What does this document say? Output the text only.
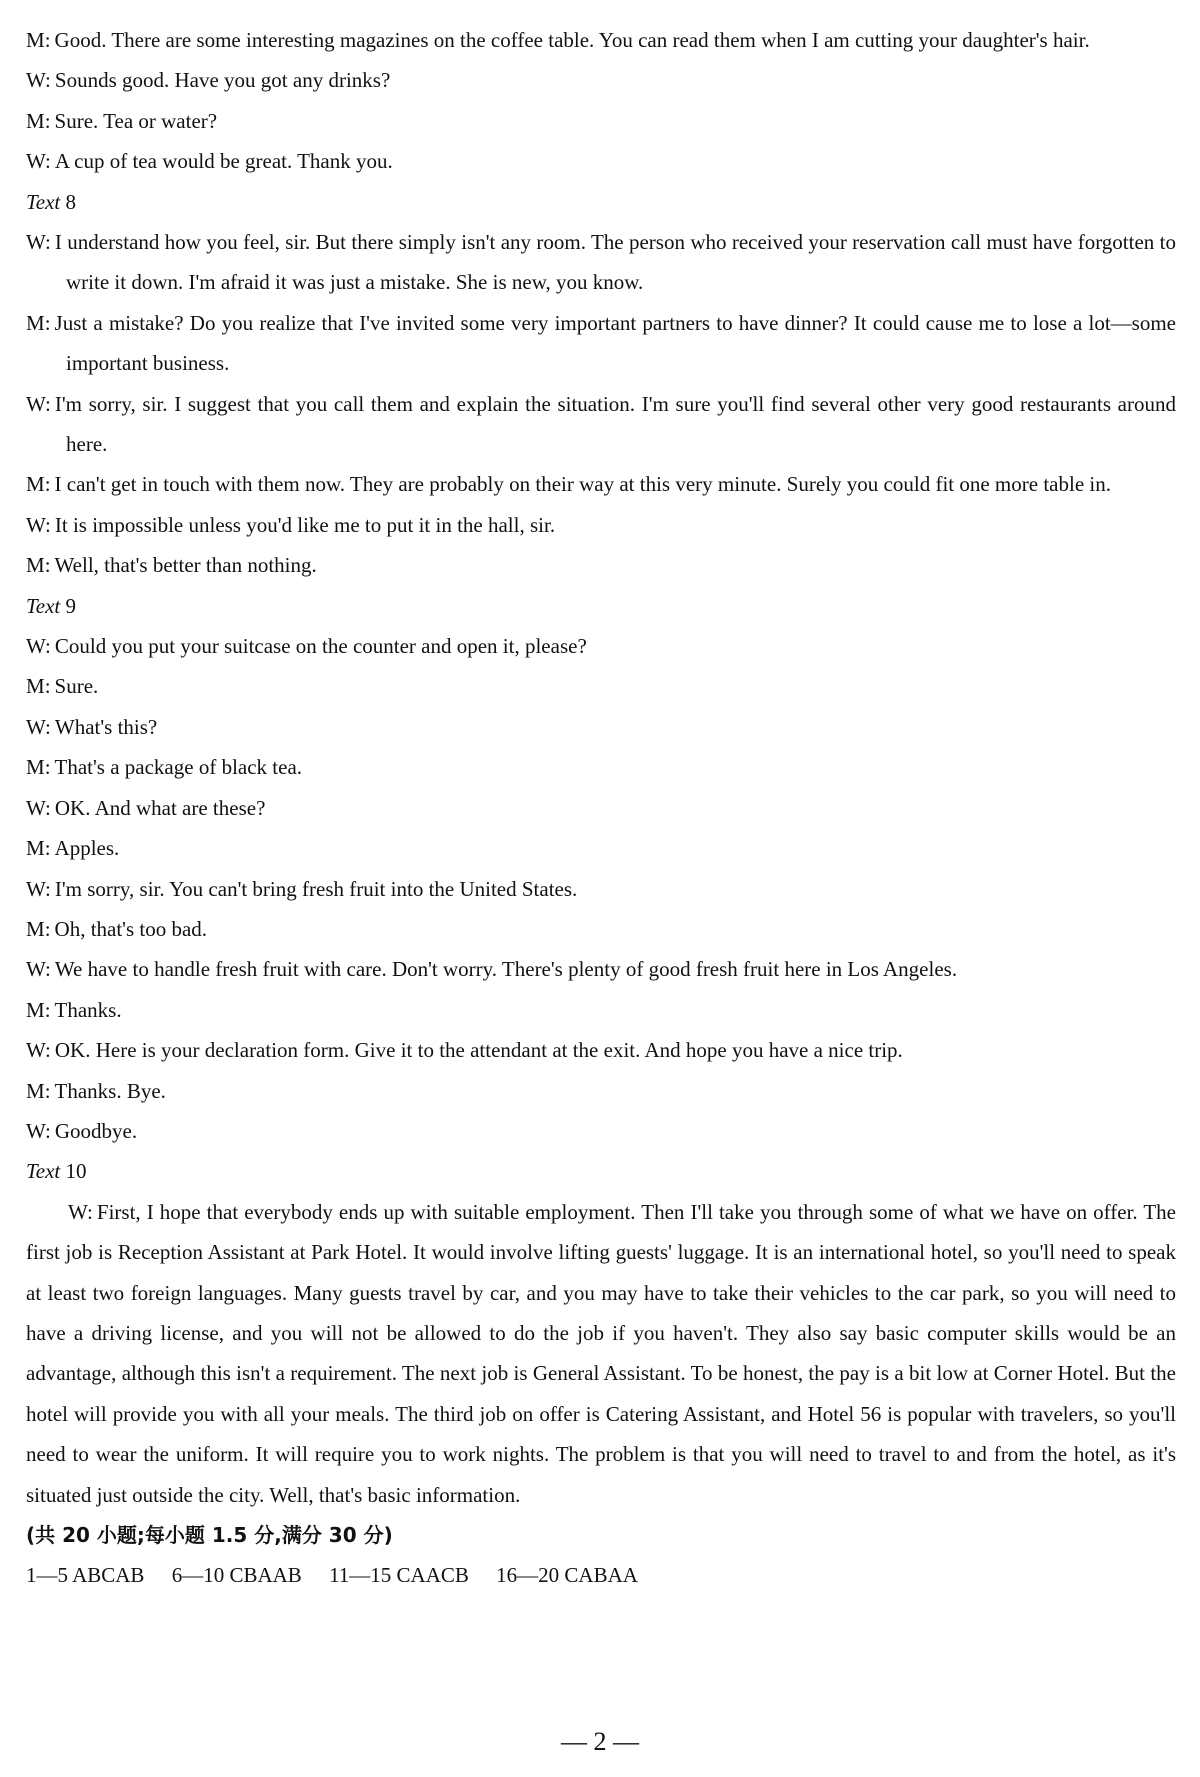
M: Good. There are some interesting magazines on the coffee table. You can read them when I am cutting your daughter's hair.
W: Sounds good. Have you got any drinks?
M: Sure. Tea or water?
W: A cup of tea would be great. Thank you.
Text 8
W: I understand how you feel, sir. But there simply isn't any room. The person who received your reservation call must have forgotten to write it down. I'm afraid it was just a mistake. She is new, you know.
M: Just a mistake? Do you realize that I've invited some very important partners to have dinner? It could cause me to lose a lot—some important business.
W: I'm sorry, sir. I suggest that you call them and explain the situation. I'm sure you'll find several other very good restaurants around here.
M: I can't get in touch with them now. They are probably on their way at this very minute. Surely you could fit one more table in.
W: It is impossible unless you'd like me to put it in the hall, sir.
M: Well, that's better than nothing.
Text 9
W: Could you put your suitcase on the counter and open it, please?
M: Sure.
W: What's this?
M: That's a package of black tea.
W: OK. And what are these?
M: Apples.
W: I'm sorry, sir. You can't bring fresh fruit into the United States.
M: Oh, that's too bad.
W: We have to handle fresh fruit with care. Don't worry. There's plenty of good fresh fruit here in Los Angeles.
M: Thanks.
W: OK. Here is your declaration form. Give it to the attendant at the exit. And hope you have a nice trip.
M: Thanks. Bye.
W: Goodbye.
Text 10
W: First, I hope that everybody ends up with suitable employment. Then I'll take you through some of what we have on offer. The first job is Reception Assistant at Park Hotel. It would involve lifting guests' luggage. It is an international hotel, so you'll need to speak at least two foreign languages. Many guests travel by car, and you may have to take their vehicles to the car park, so you will need to have a driving license, and you will not be allowed to do the job if you haven't. They also say basic computer skills would be an advantage, although this isn't a requirement. The next job is General Assistant. To be honest, the pay is a bit low at Corner Hotel. But the hotel will provide you with all your meals. The third job on offer is Catering Assistant, and Hotel 56 is popular with travelers, so you'll need to wear the uniform. It will require you to work nights. The problem is that you will need to travel to and from the hotel, as it's situated just outside the city. Well, that's basic information.
(共 20 小题;每小题 1.5 分,满分 30 分)
1—5 ABCAB 6—10 CBAAB 11—15 CAACB 16—20 CABAA
— 2 —
